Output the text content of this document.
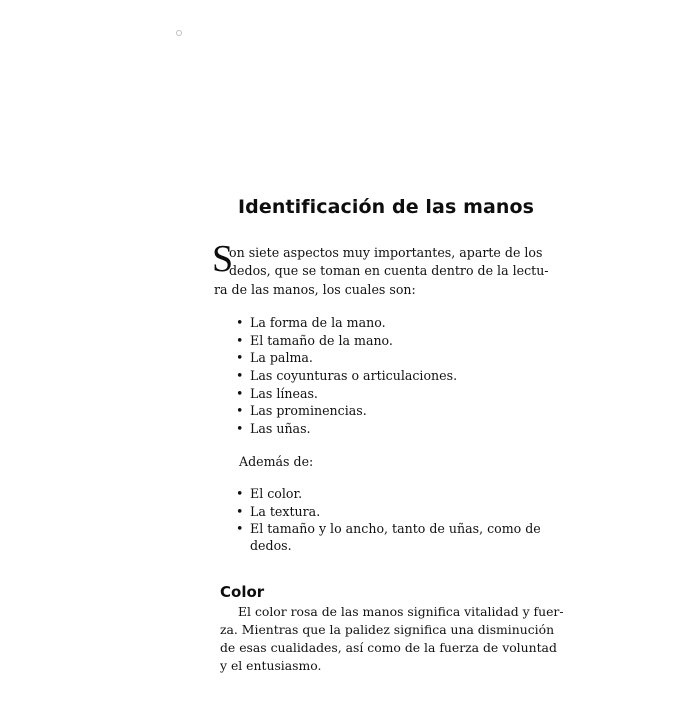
Identificación de las manos
S
on siete aspectos muy importantes, aparte de los
dedos, que se toman en cuenta dentro de la lectu-
ra de las manos, los cuales son:
• La forma de la mano.
• El tamaño de la mano.
• La palma.
• Las coyunturas o articulaciones.
• Las líneas.
• Las prominencias.
• Las uñas.
Además de:
• El color.
• La textura.
• El tamaño y lo ancho, tanto de uñas, como de
dedos.
Color
El color rosa de las manos significa vitalidad y fuer-
za. Mientras que la palidez significa una disminución
de esas cualidades, así como de la fuerza de voluntad
y el entusiasmo.
